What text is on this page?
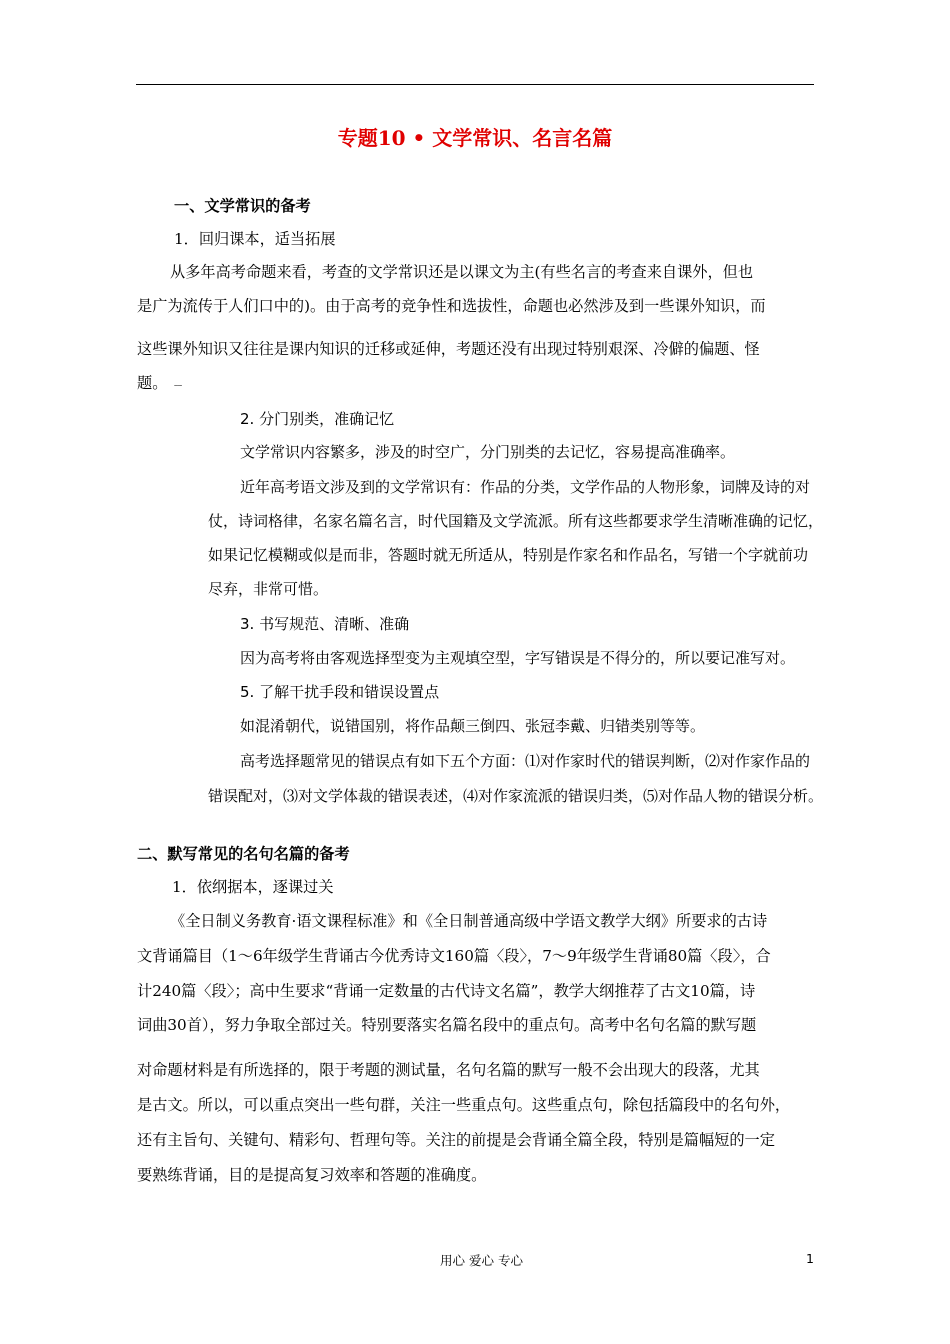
专题10 • 文学常识、名言名篇
一、文学常识的备考
1．回归课本，适当拓展
从多年高考命题来看，考查的文学常识还是以课文为主(有些名言的考查来自课外，但也
是广为流传于人们口中的)。由于高考的竞争性和选拔性，命题也必然涉及到一些课外知识，而
这些课外知识又往往是课内知识的迁移或延伸，考题还没有出现过特别艰深、冷僻的偏题、怪
题。 ㄧ
2. 分门别类，准确记忆
文学常识内容繁多，涉及的时空广，分门别类的去记忆，容易提高准确率。
近年高考语文涉及到的文学常识有：作品的分类，文学作品的人物形象，词牌及诗的对
仗，诗词格律，名家名篇名言，时代国籍及文学流派。所有这些都要求学生清晰准确的记忆，
如果记忆模糊或似是而非，答题时就无所适从，特别是作家名和作品名，写错一个字就前功
尽弃，非常可惜。
3. 书写规范、清晰、准确
因为高考将由客观选择型变为主观填空型，字写错误是不得分的，所以要记准写对。
5. 了解干扰手段和错误设置点
如混淆朝代，说错国别，将作品颠三倒四、张冠李戴、归错类别等等。
高考选择题常见的错误点有如下五个方面：⑴对作家时代的错误判断，⑵对作家作品的
错误配对，⑶对文学体裁的错误表述，⑷对作家流派的错误归类，⑸对作品人物的错误分析。
二、默写常见的名句名篇的备考
1．依纲据本，逐课过关
《全日制义务教育·语文课程标准》和《全日制普通高级中学语文教学大纲》所要求的古诗
文背诵篇目（1～6年级学生背诵古今优秀诗文160篇〈段〉，7～9年级学生背诵80篇〈段〉，合
计240篇〈段〉；高中生要求“背诵一定数量的古代诗文名篇”，教学大纲推荐了古文10篇，诗
词曲30首），努力争取全部过关。特别要落实名篇名段中的重点句。高考中名句名篇的默写题
对命题材料是有所选择的，限于考题的测试量，名句名篇的默写一般不会出现大的段落，尤其
是古文。所以，可以重点突出一些句群，关注一些重点句。这些重点句，除包括篇段中的名句外，
还有主旨句、关键句、精彩句、哲理句等。关注的前提是会背诵全篇全段，特别是篇幅短的一定
要熟练背诵，目的是提高复习效率和答题的准确度。
用心 爱心 专心	1
